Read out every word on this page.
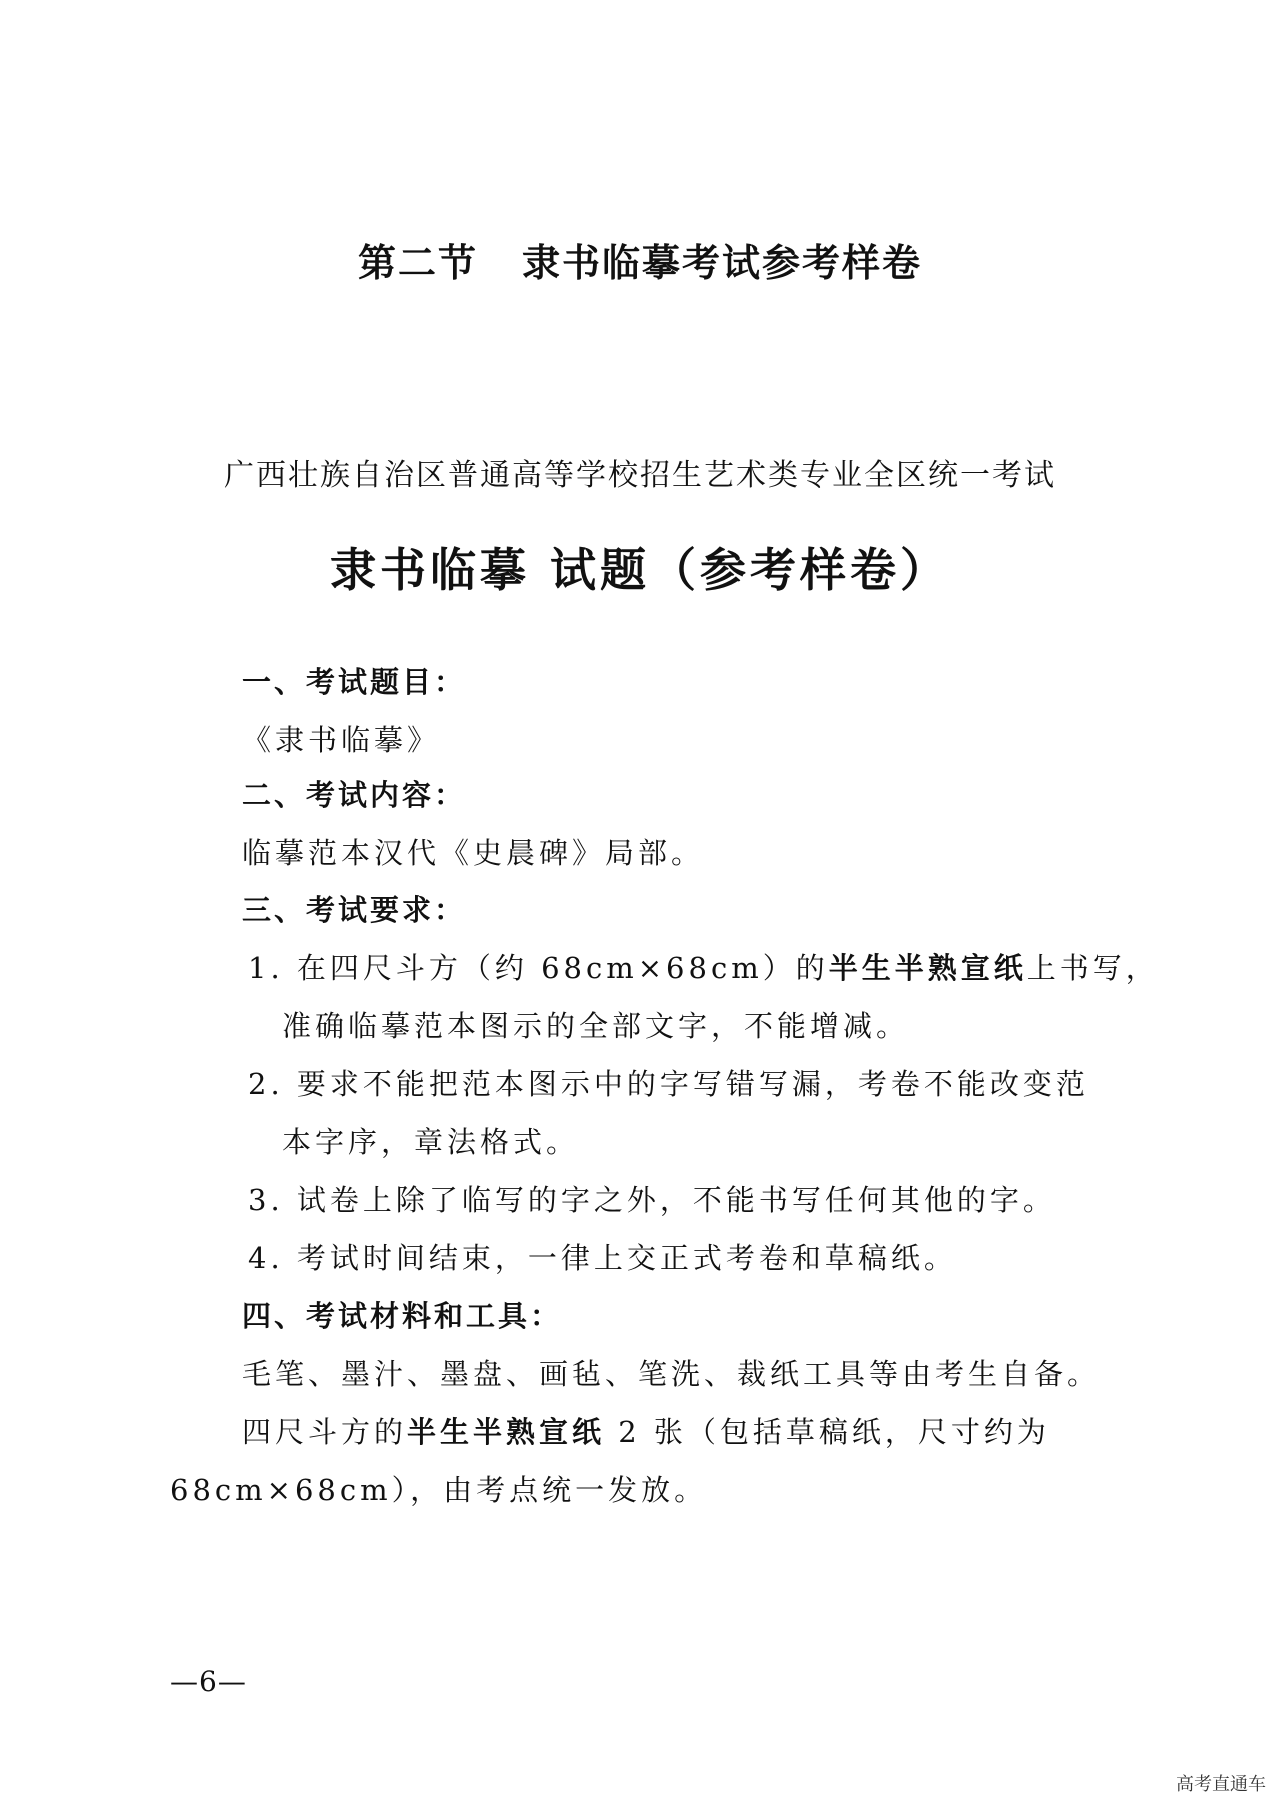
第二节 隶书临摹考试参考样卷
广西壮族自治区普通高等学校招生艺术类专业全区统一考试
隶书临摹 试题（参考样卷）
一、考试题目：
《隶书临摹》
二、考试内容：
临摹范本汉代《史晨碑》局部。
三、考试要求：
1. 在四尺斗方（约 68cm×68cm）的半生半熟宣纸上书写，
准确临摹范本图示的全部文字，不能增减。
2. 要求不能把范本图示中的字写错写漏，考卷不能改变范
本字序，章法格式。
3. 试卷上除了临写的字之外，不能书写任何其他的字。
4. 考试时间结束，一律上交正式考卷和草稿纸。
四、考试材料和工具：
毛笔、墨汁、墨盘、画毡、笔洗、裁纸工具等由考生自备。
四尺斗方的半生半熟宣纸 2 张（包括草稿纸，尺寸约为
68cm×68cm），由考点统一发放。
—6—
高考直通车
